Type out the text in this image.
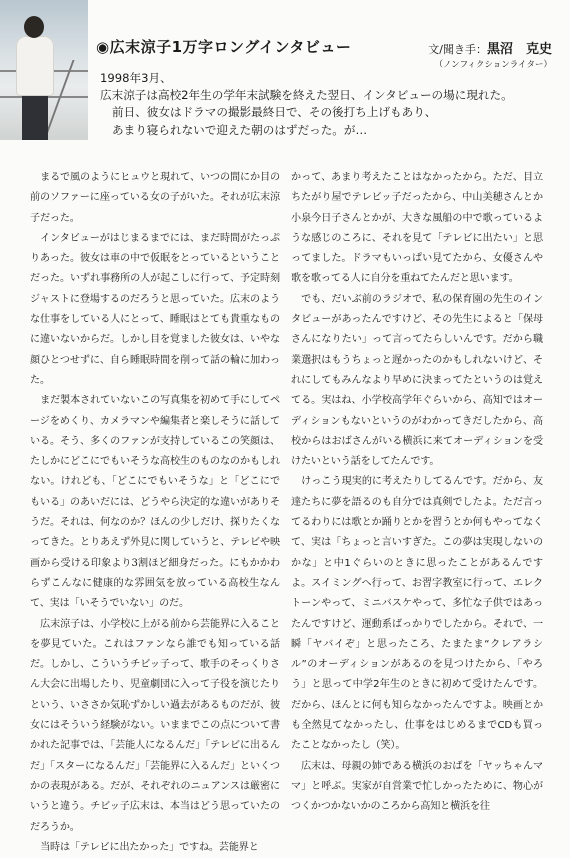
◉広末涼子1万字ロングインタビュー	文/聞き手：黒沼　克史
（ノンフィクションライター）

1998年3月、

広末涼子は高校2年生の学年末試験を終えた翌日、インタビューの場に現れた。

前日、彼女はドラマの撮影最終日で、その後打ち上げもあり、

あまり寝られないで迎えた朝のはずだった。が…

まるで風のようにヒュウと現れて、いつの間にか目の前のソファーに座っている女の子がいた。それが広末涼子だった。

インタビューがはじまるまでには、まだ時間がたっぷりあった。彼女は車の中で仮眠をとっているということだった。いずれ事務所の人が起こしに行って、予定時刻ジャストに登場するのだろうと思っていた。広末のような仕事をしている人にとって、睡眠はとても貴重なものに違いないからだ。しかし目を覚ました彼女は、いやな顔ひとつせずに、自ら睡眠時間を削って話の輪に加わった。

まだ製本されていないこの写真集を初めて手にしてページをめくり、カメラマンや編集者と楽しそうに話している。そう、多くのファンが支持しているこの笑顔は、たしかにどこにでもいそうな高校生のものなのかもしれない。けれども、「どこにでもいそうな」と「どこにでもいる」のあいだには、どうやら決定的な違いがありそうだ。それは、何なのか？ほんの少しだけ、探りたくなってきた。とりあえず外見に関していうと、テレビや映画から受ける印象より3割ほど細身だった。にもかかわらずこんなに健康的な雰囲気を放っている高校生なんて、実は「いそうでいない」のだ。

広末涼子は、小学校に上がる前から芸能界に入ることを夢見ていた。これはファンなら誰でも知っている話だ。しかし、こういうチビッ子って、歌手のそっくりさん大会に出場したり、児童劇団に入って子役を演じたりという、いささか気恥ずかしい過去があるものだが、彼女にはそういう経験がない。いままでこの点について書かれた記事では、「芸能人になるんだ」「テレビに出るんだ」「スターになるんだ」「芸能界に入るんだ」といくつかの表現がある。だが、それぞれのニュアンスは厳密にいうと違う。チビッ子広末は、本当はどう思っていたのだろうか。

当時は「テレビに出たかった」ですね。芸能界と

かって、あまり考えたことはなかったから。ただ、目立ちたがり屋でテレビッ子だったから、中山美穂さんとか小泉今日子さんとかが、大きな風船の中で歌っているような感じのころに、それを見て「テレビに出たい」と思ってました。ドラマもいっぱい見てたから、女優さんや歌を歌ってる人に自分を重ねてたんだと思います。

でも、だいぶ前のラジオで、私の保育園の先生のインタビューがあったんですけど、その先生によると「保母さんになりたい」って言ってたらしいんです。だから職業選択はもうちょっと遅かったのかもしれないけど、それにしてもみんなより早めに決まってたというのは覚えてる。実はね、小学校高学年ぐらいから、高知ではオーディションもないというのがわかってきだしたから、高校からはおばさんがいる横浜に来てオーディションを受けたいという話をしてたんです。

けっこう現実的に考えたりしてるんです。だから、友達たちに夢を語るのも自分では真剣でしたよ。ただ言ってるわりには歌とか踊りとかを習うとか何もやってなくて、実は「ちょっと言いすぎた。この夢は実現しないのかな」と中1ぐらいのときに思ったことがあるんですよ。スイミングへ行って、お習字教室に行って、エレクトーンやって、ミニバスケやって、多忙な子供ではあったんですけど、運動系ばっかりでしたから。それで、一瞬「ヤバイぞ」と思ったころ、たまたま“クレアラシル”のオーディションがあるのを見つけたから、「やろう」と思って中学2年生のときに初めて受けたんです。だから、ほんとに何も知らなかったんですよ。映画とかも全然見てなかったし、仕事をはじめるまでCDも買ったことなかったし（笑）。

広末は、母親の姉である横浜のおばを「ヤッちゃんママ」と呼ぶ。実家が自営業で忙しかったために、物心がつくかつかないかのころから高知と横浜を往
